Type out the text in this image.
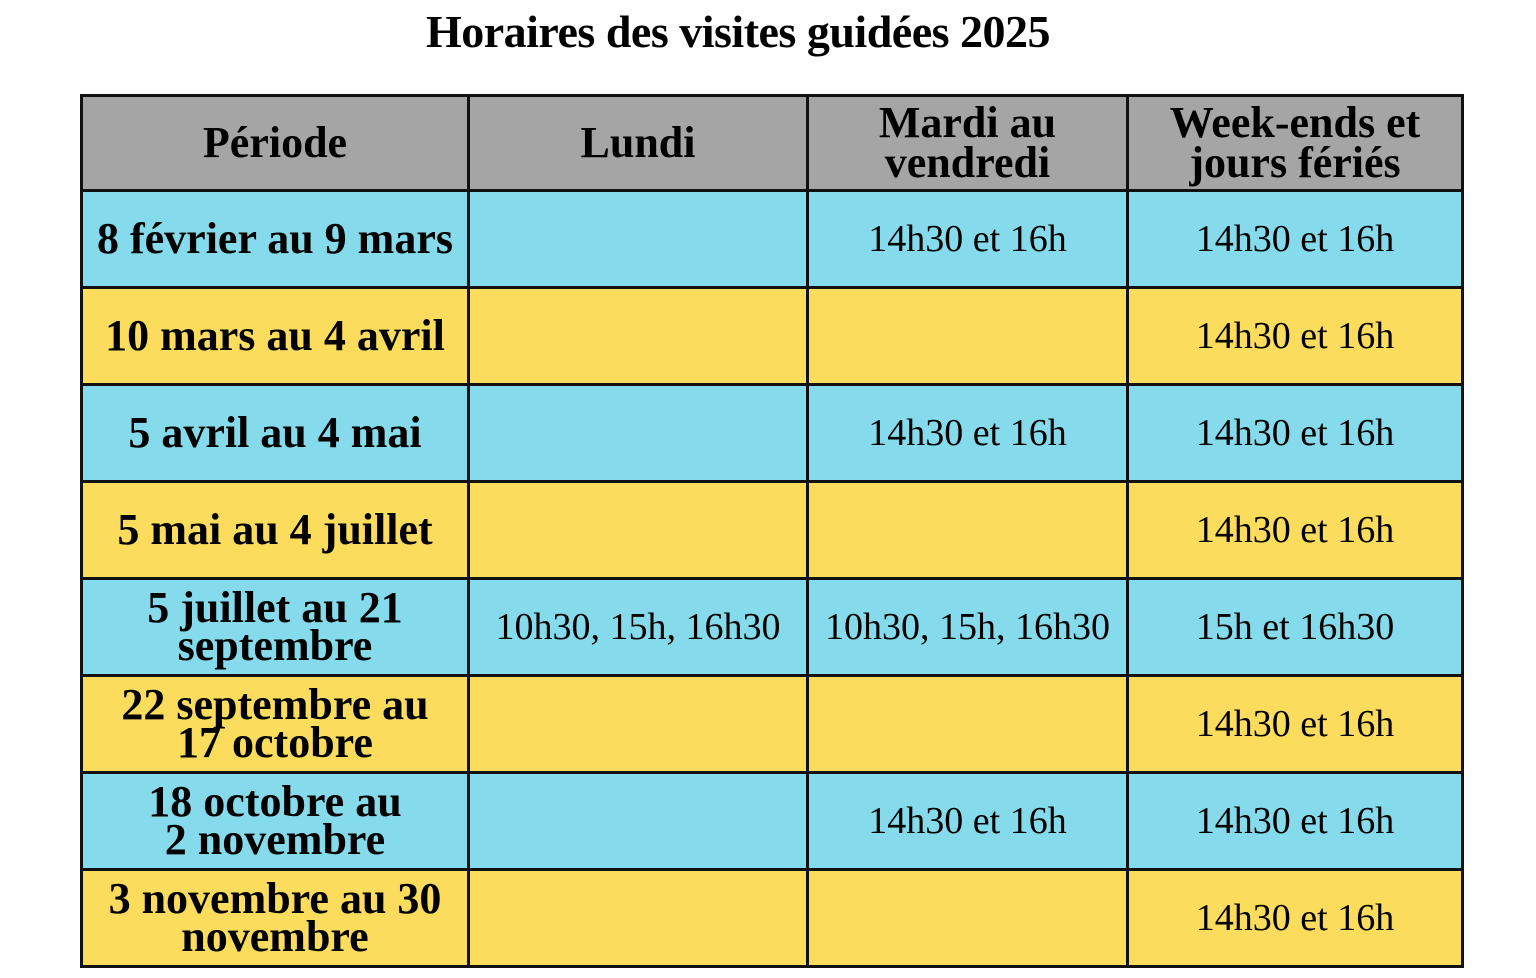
Horaires des visites guidées 2025
Période	Lundi	Mardi au vendredi	Week-ends et jours fériés
8 février au 9 mars		14h30 et 16h	14h30 et 16h
10 mars au 4 avril			14h30 et 16h
5 avril au 4 mai		14h30 et 16h	14h30 et 16h
5 mai au 4 juillet			14h30 et 16h
5 juillet au 21 septembre	10h30, 15h, 16h30	10h30, 15h, 16h30	15h et 16h30
22 septembre au 17 octobre			14h30 et 16h
18 octobre au 2 novembre		14h30 et 16h	14h30 et 16h
3 novembre au 30 novembre			14h30 et 16h
